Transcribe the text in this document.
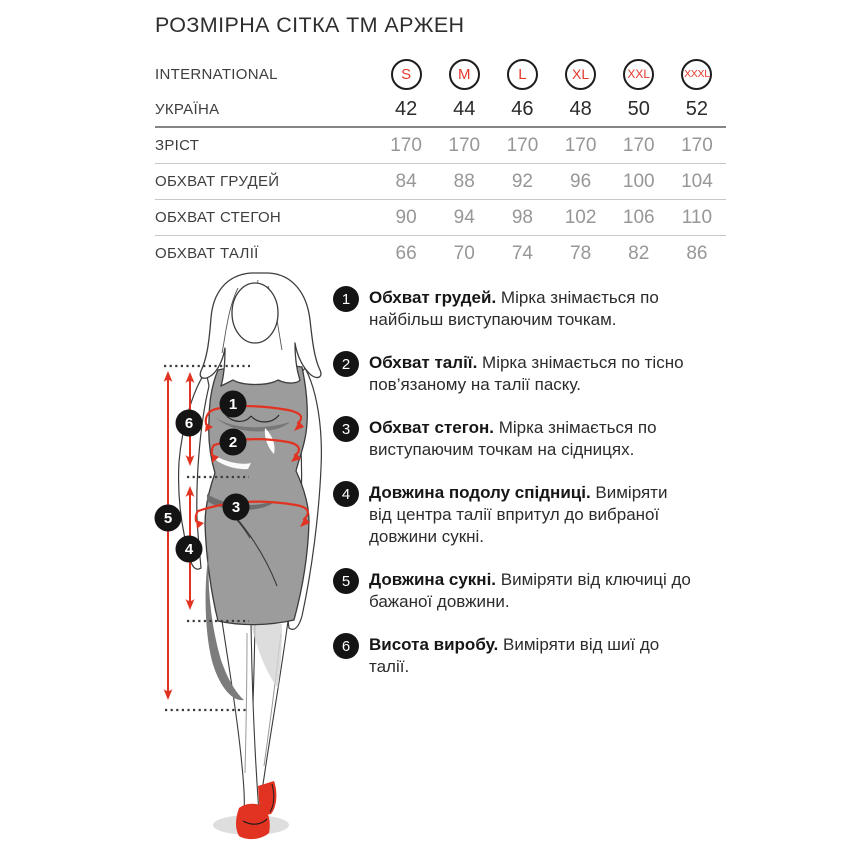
РОЗМІРНА СІТКА ТМ АРЖЕН
INTERNATIONAL	S	M	L	XL	XXL	XXXL
УКРАЇНА	42	44	46	48	50	52
ЗРІСТ	170	170	170	170	170	170
ОБХВАТ ГРУДЕЙ	84	88	92	96	100	104
ОБХВАТ СТЕГОН	90	94	98	102	106	110
ОБХВАТ ТАЛІЇ	66	70	74	78	82	86
1
2
3
4
5
6
1 Обхват грудей. Мірка знімається по найбільш виступаючим точкам.

2 Обхват талії. Мірка знімається по тісно пов’язаному на талії паску.

3 Обхват стегон. Мірка знімається по виступаючим точкам на сідницях.

4 Довжина подолу спідниці. Виміряти від центра талії впритул до вибраної довжини сукні.

5 Довжина сукні. Виміряти від ключиці до бажаної довжини.

6 Висота виробу. Виміряти від шиї до талії.
